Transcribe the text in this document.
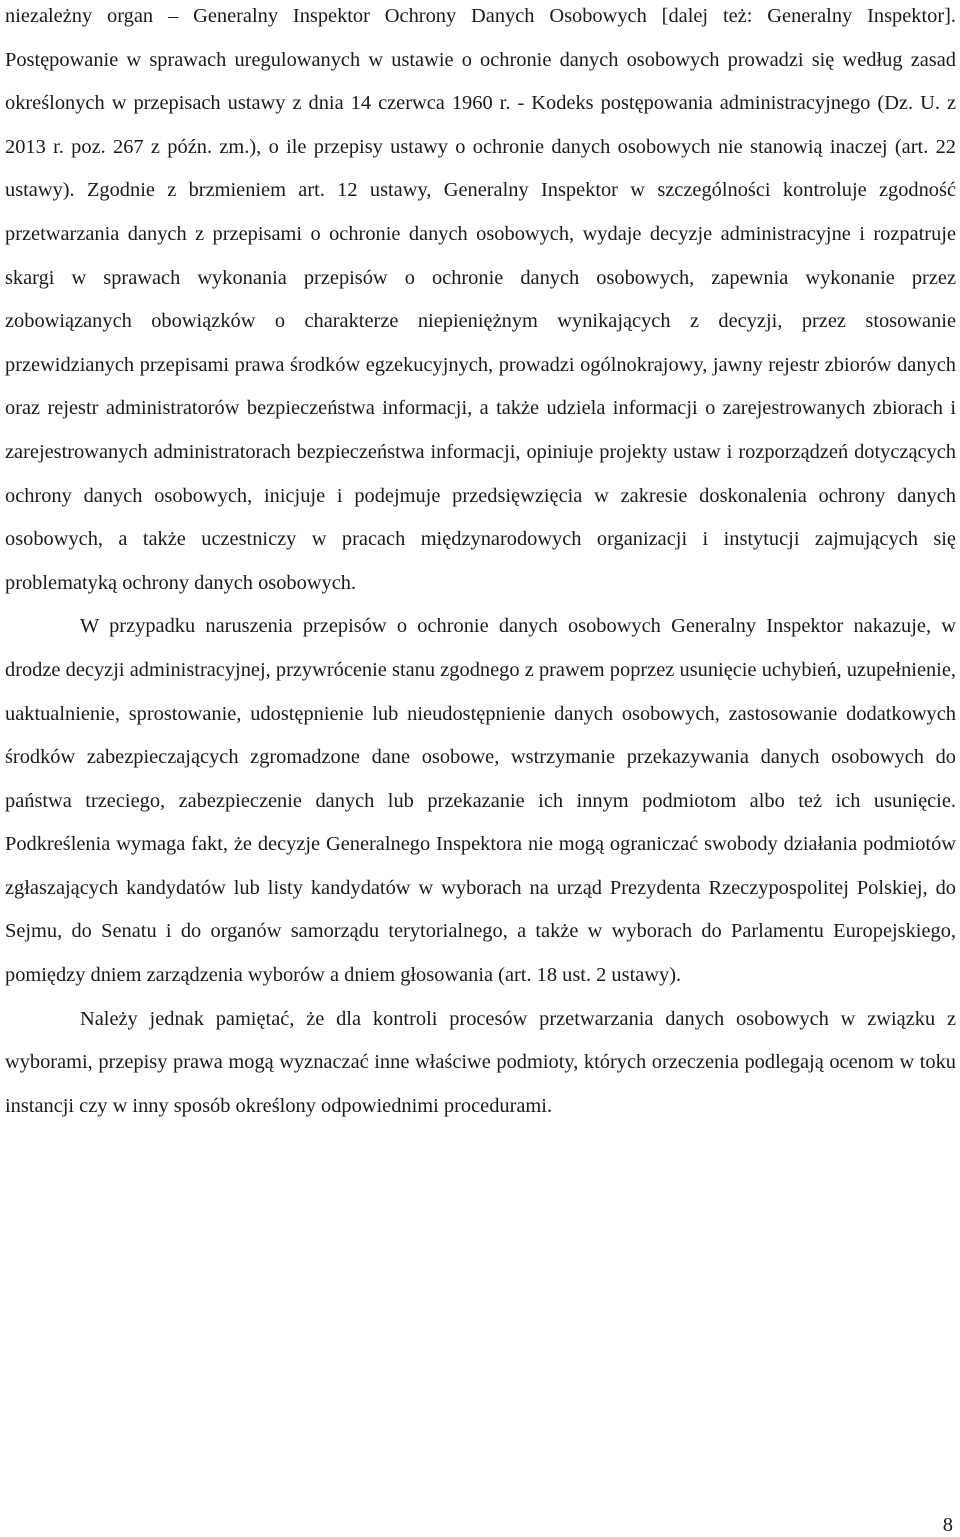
niezależny organ – Generalny Inspektor Ochrony Danych Osobowych [dalej też: Generalny Inspektor]. Postępowanie w sprawach uregulowanych w ustawie o ochronie danych osobowych prowadzi się według zasad określonych w przepisach ustawy z dnia 14 czerwca 1960 r. - Kodeks postępowania administracyjnego (Dz. U. z 2013 r. poz. 267 z późn. zm.), o ile przepisy ustawy o ochronie danych osobowych nie stanowią inaczej (art. 22 ustawy). Zgodnie z brzmieniem art. 12 ustawy, Generalny Inspektor w szczególności kontroluje zgodność przetwarzania danych z przepisami o ochronie danych osobowych, wydaje decyzje administracyjne i rozpatruje skargi w sprawach wykonania przepisów o ochronie danych osobowych, zapewnia wykonanie przez zobowiązanych obowiązków o charakterze niepieniężnym wynikających z decyzji, przez stosowanie przewidzianych przepisami prawa środków egzekucyjnych, prowadzi ogólnokrajowy, jawny rejestr zbiorów danych oraz rejestr administratorów bezpieczeństwa informacji, a także udziela informacji o zarejestrowanych zbiorach i zarejestrowanych administratorach bezpieczeństwa informacji, opiniuje projekty ustaw i rozporządzeń dotyczących ochrony danych osobowych, inicjuje i podejmuje przedsięwzięcia w zakresie doskonalenia ochrony danych osobowych, a także uczestniczy w pracach międzynarodowych organizacji i instytucji zajmujących się problematyką ochrony danych osobowych.

W przypadku naruszenia przepisów o ochronie danych osobowych Generalny Inspektor nakazuje, w drodze decyzji administracyjnej, przywrócenie stanu zgodnego z prawem poprzez usunięcie uchybień, uzupełnienie, uaktualnienie, sprostowanie, udostępnienie lub nieudostępnienie danych osobowych, zastosowanie dodatkowych środków zabezpieczających zgromadzone dane osobowe, wstrzymanie przekazywania danych osobowych do państwa trzeciego, zabezpieczenie danych lub przekazanie ich innym podmiotom albo też ich usunięcie. Podkreślenia wymaga fakt, że decyzje Generalnego Inspektora nie mogą ograniczać swobody działania podmiotów zgłaszających kandydatów lub listy kandydatów w wyborach na urząd Prezydenta Rzeczypospolitej Polskiej, do Sejmu, do Senatu i do organów samorządu terytorialnego, a także w wyborach do Parlamentu Europejskiego, pomiędzy dniem zarządzenia wyborów a dniem głosowania (art. 18 ust. 2 ustawy).

Należy jednak pamiętać, że dla kontroli procesów przetwarzania danych osobowych w związku z wyborami, przepisy prawa mogą wyznaczać inne właściwe podmioty, których orzeczenia podlegają ocenom w toku instancji czy w inny sposób określony odpowiednimi procedurami.

8
